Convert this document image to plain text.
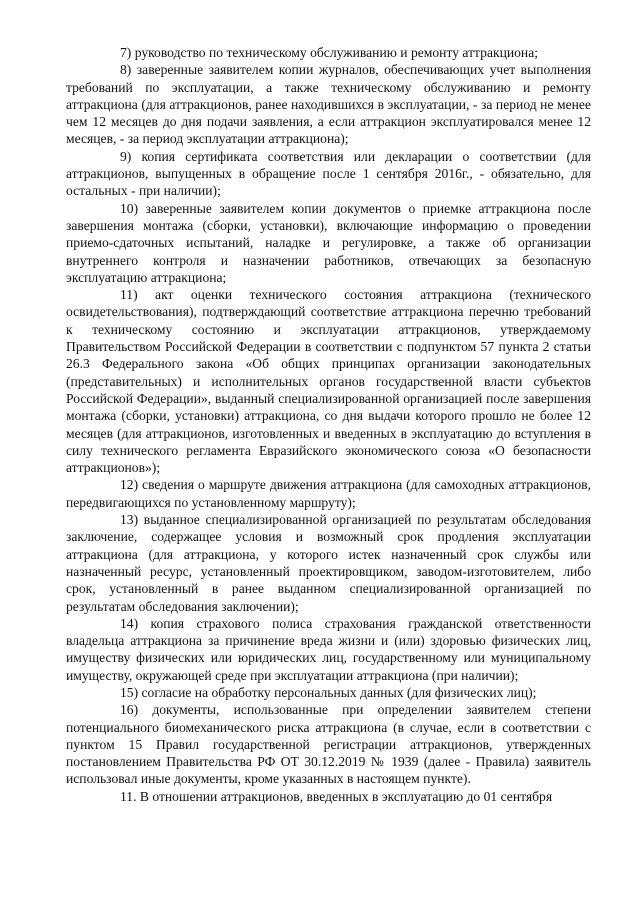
7) руководство по техническому обслуживанию и ремонту аттракциона;

8) заверенные заявителем копии журналов, обеспечивающих учет выполнения требований по эксплуатации, а также техническому обслуживанию и ремонту аттракциона (для аттракционов, ранее находившихся в эксплуатации, - за период не менее чем 12 месяцев до дня подачи заявления, а если аттракцион эксплуатировался менее 12 месяцев, - за период эксплуатации аттракциона);

9) копия сертификата соответствия или декларации о соответствии (для аттракционов, выпущенных в обращение после 1 сентября 2016г., - обязательно, для остальных - при наличии);

10) заверенные заявителем копии документов о приемке аттракциона после завершения монтажа (сборки, установки), включающие информацию о проведении приемо-сдаточных испытаний, наладке и регулировке, а также об организации внутреннего контроля и назначении работников, отвечающих за безопасную эксплуатацию аттракциона;

11) акт оценки технического состояния аттракциона (технического освидетельствования), подтверждающий соответствие аттракциона перечню требований к техническому состоянию и эксплуатации аттракционов, утверждаемому Правительством Российской Федерации в соответствии с подпунктом 57 пункта 2 статьи 26.3 Федерального закона «Об общих принципах организации законодательных (представительных) и исполнительных органов государственной власти субъектов Российской Федерации», выданный специализированной организацией после завершения монтажа (сборки, установки) аттракциона, со дня выдачи которого прошло не более 12 месяцев (для аттракционов, изготовленных и введенных в эксплуатацию до вступления в силу технического регламента Евразийского экономического союза «О безопасности аттракционов»);

12) сведения о маршруте движения аттракциона (для самоходных аттракционов, передвигающихся по установленному маршруту);

13) выданное специализированной организацией по результатам обследования заключение, содержащее условия и возможный срок продления эксплуатации аттракциона (для аттракциона, у которого истек назначенный срок службы или назначенный ресурс, установленный проектировщиком, заводом-изготовителем, либо срок, установленный в ранее выданном специализированной организацией по результатам обследования заключении);

14) копия страхового полиса страхования гражданской ответственности владельца аттракциона за причинение вреда жизни и (или) здоровью физических лиц, имуществу физических или юридических лиц, государственному или муниципальному имуществу, окружающей среде при эксплуатации аттракциона (при наличии);

15) согласие на обработку персональных данных (для физических лиц);

16) документы, использованные при определении заявителем степени потенциального биомеханического риска аттракциона (в случае, если в соответствии с пунктом 15 Правил государственной регистрации аттракционов, утвержденных постановлением Правительства РФ ОТ 30.12.2019 № 1939 (далее - Правила) заявитель использовал иные документы, кроме указанных в настоящем пункте).

11. В отношении аттракционов, введенных в эксплуатацию до 01 сентября
